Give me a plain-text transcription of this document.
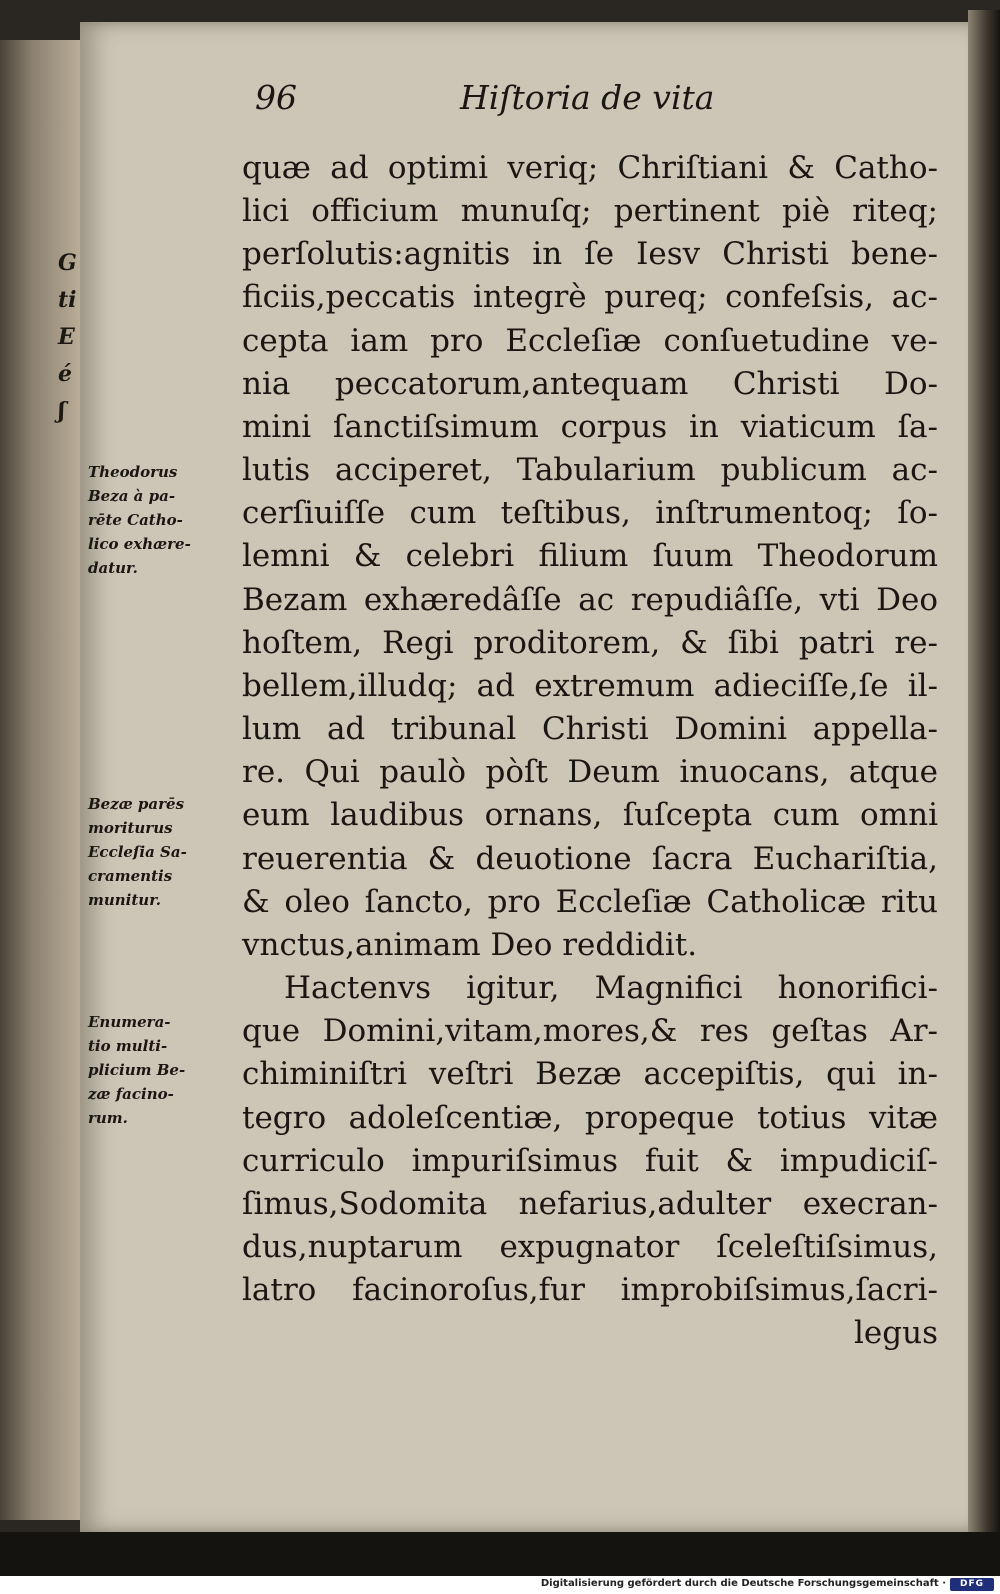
G
ti
E
é
ʃ
96	Hiſtoria de vita
quæ ad optimi veriq; Chriſtiani & Catho-
lici officium munuſq; pertinent piè riteq;
perſolutis:agnitis in ſe Iesv Christi bene-
ficiis,peccatis integrè pureq; confeſsis, ac-
cepta iam pro Eccleſiæ conſuetudine ve-
nia peccatorum,antequam Christi Do-
mini ſanctiſsimum corpus in viaticum ſa-
lutis acciperet, Tabularium publicum ac-
cerſiuiſſe cum teſtibus, inſtrumentoq; ſo-
lemni & celebri filium ſuum Theodorum
Bezam exhæredâſſe ac repudiâſſe, vti Deo
hoſtem, Regi proditorem, & ſibi patri re-
bellem,illudq; ad extremum adieciſſe,ſe il-
lum ad tribunal Christi Domini appella-
re. Qui paulò pòſt Deum inuocans, atque
eum laudibus ornans, ſuſcepta cum omni
reuerentia & deuotione ſacra Euchariſtia,
& oleo ſancto, pro Eccleſiæ Catholicæ ritu
vnctus,animam Deo reddidit.
Hactenvs igitur, Magnifici honorifici-
que Domini,vitam,mores,& res geſtas Ar-
chiminiſtri veſtri Bezæ accepiſtis, qui in-
tegro adoleſcentiæ, propeque totius vitæ
curriculo impuriſsimus fuit & impudiciſ-
ſimus,Sodomita nefarius,adulter execran-
dus,nuptarum expugnator ſceleſtiſsimus,
latro facinoroſus,fur improbiſsimus,ſacri-
legus
Theodorus
Beza à pa-
rēte Catho-
lico exhære-
datur.
Bezæ parēs
moriturus
Eccleſia Sa-
cramentis
munitur.
Enumera-
tio multi-
plicium Be-
zæ facino-
rum.
Digitalisierung gefördert durch die Deutsche Forschungsgemeinschaft ·	DFG
